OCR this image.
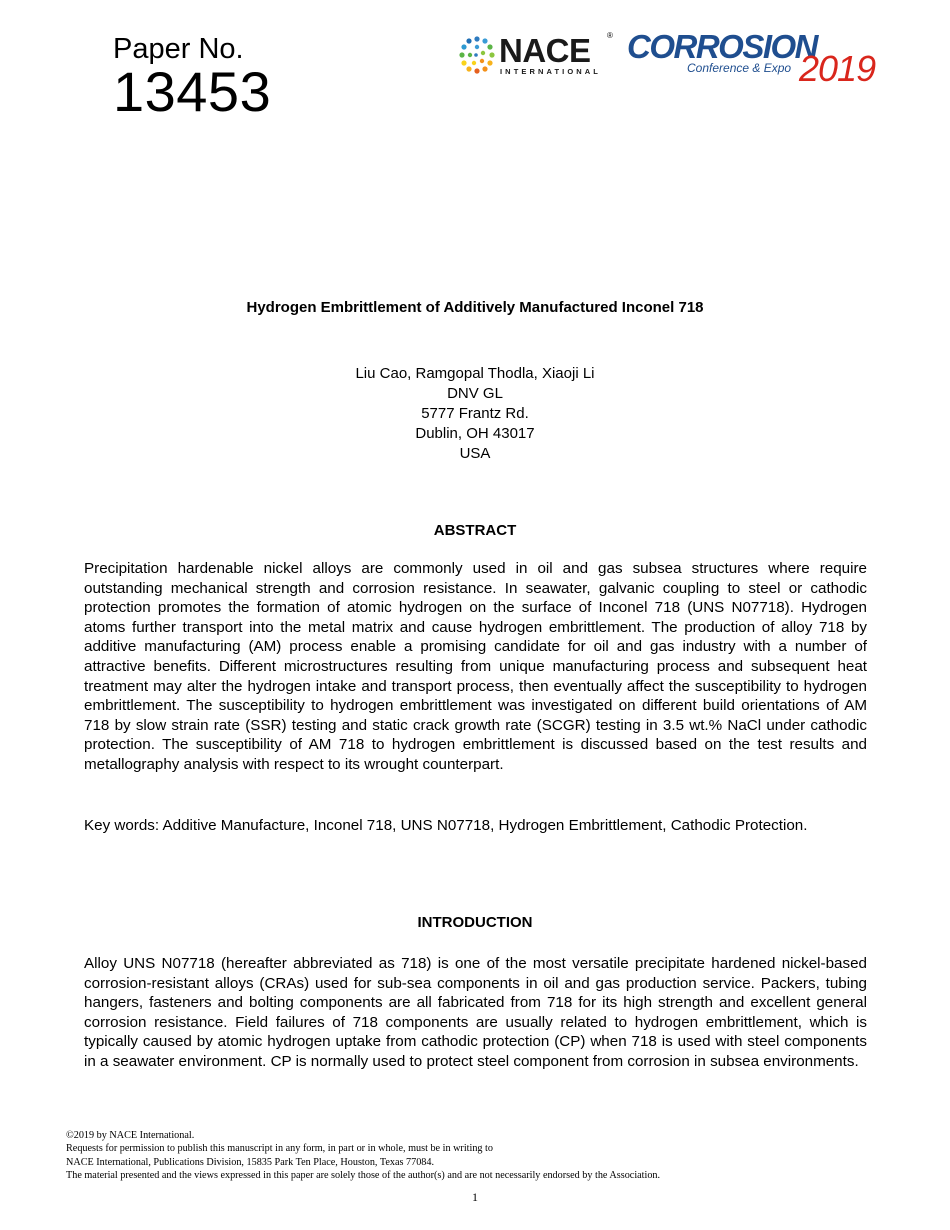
Paper No.
13453
NACE ®
INTERNATIONAL
CORROSION
Conference & Expo 2019
Hydrogen Embrittlement of Additively Manufactured Inconel 718
Liu Cao, Ramgopal Thodla, Xiaoji Li
DNV GL
5777 Frantz Rd.
Dublin, OH 43017
USA
ABSTRACT

Precipitation hardenable nickel alloys are commonly used in oil and gas subsea structures where require outstanding mechanical strength and corrosion resistance. In seawater, galvanic coupling to steel or cathodic protection promotes the formation of atomic hydrogen on the surface of Inconel 718 (UNS N07718). Hydrogen atoms further transport into the metal matrix and cause hydrogen embrittlement. The production of alloy 718 by additive manufacturing (AM) process enable a promising candidate for oil and gas industry with a number of attractive benefits. Different microstructures resulting from unique manufacturing process and subsequent heat treatment may alter the hydrogen intake and transport process, then eventually affect the susceptibility to hydrogen embrittlement. The susceptibility to hydrogen embrittlement was investigated on different build orientations of AM 718 by slow strain rate (SSR) testing and static crack growth rate (SCGR) testing in 3.5 wt.% NaCl under cathodic protection. The susceptibility of AM 718 to hydrogen embrittlement is discussed based on the test results and metallography analysis with respect to its wrought counterpart.

Key words: Additive Manufacture, Inconel 718, UNS N07718, Hydrogen Embrittlement, Cathodic Protection.

INTRODUCTION

Alloy UNS N07718 (hereafter abbreviated as 718) is one of the most versatile precipitate hardened nickel-based corrosion-resistant alloys (CRAs) used for sub-sea components in oil and gas production service. Packers, tubing hangers, fasteners and bolting components are all fabricated from 718 for its high strength and excellent general corrosion resistance. Field failures of 718 components are usually related to hydrogen embrittlement, which is typically caused by atomic hydrogen uptake from cathodic protection (CP) when 718 is used with steel components in a seawater environment. CP is normally used to protect steel component from corrosion in subsea environments.

©2019 by NACE International.
Requests for permission to publish this manuscript in any form, in part or in whole, must be in writing to
NACE International, Publications Division, 15835 Park Ten Place, Houston, Texas 77084.
The material presented and the views expressed in this paper are solely those of the author(s) and are not necessarily endorsed by the Association.
1
